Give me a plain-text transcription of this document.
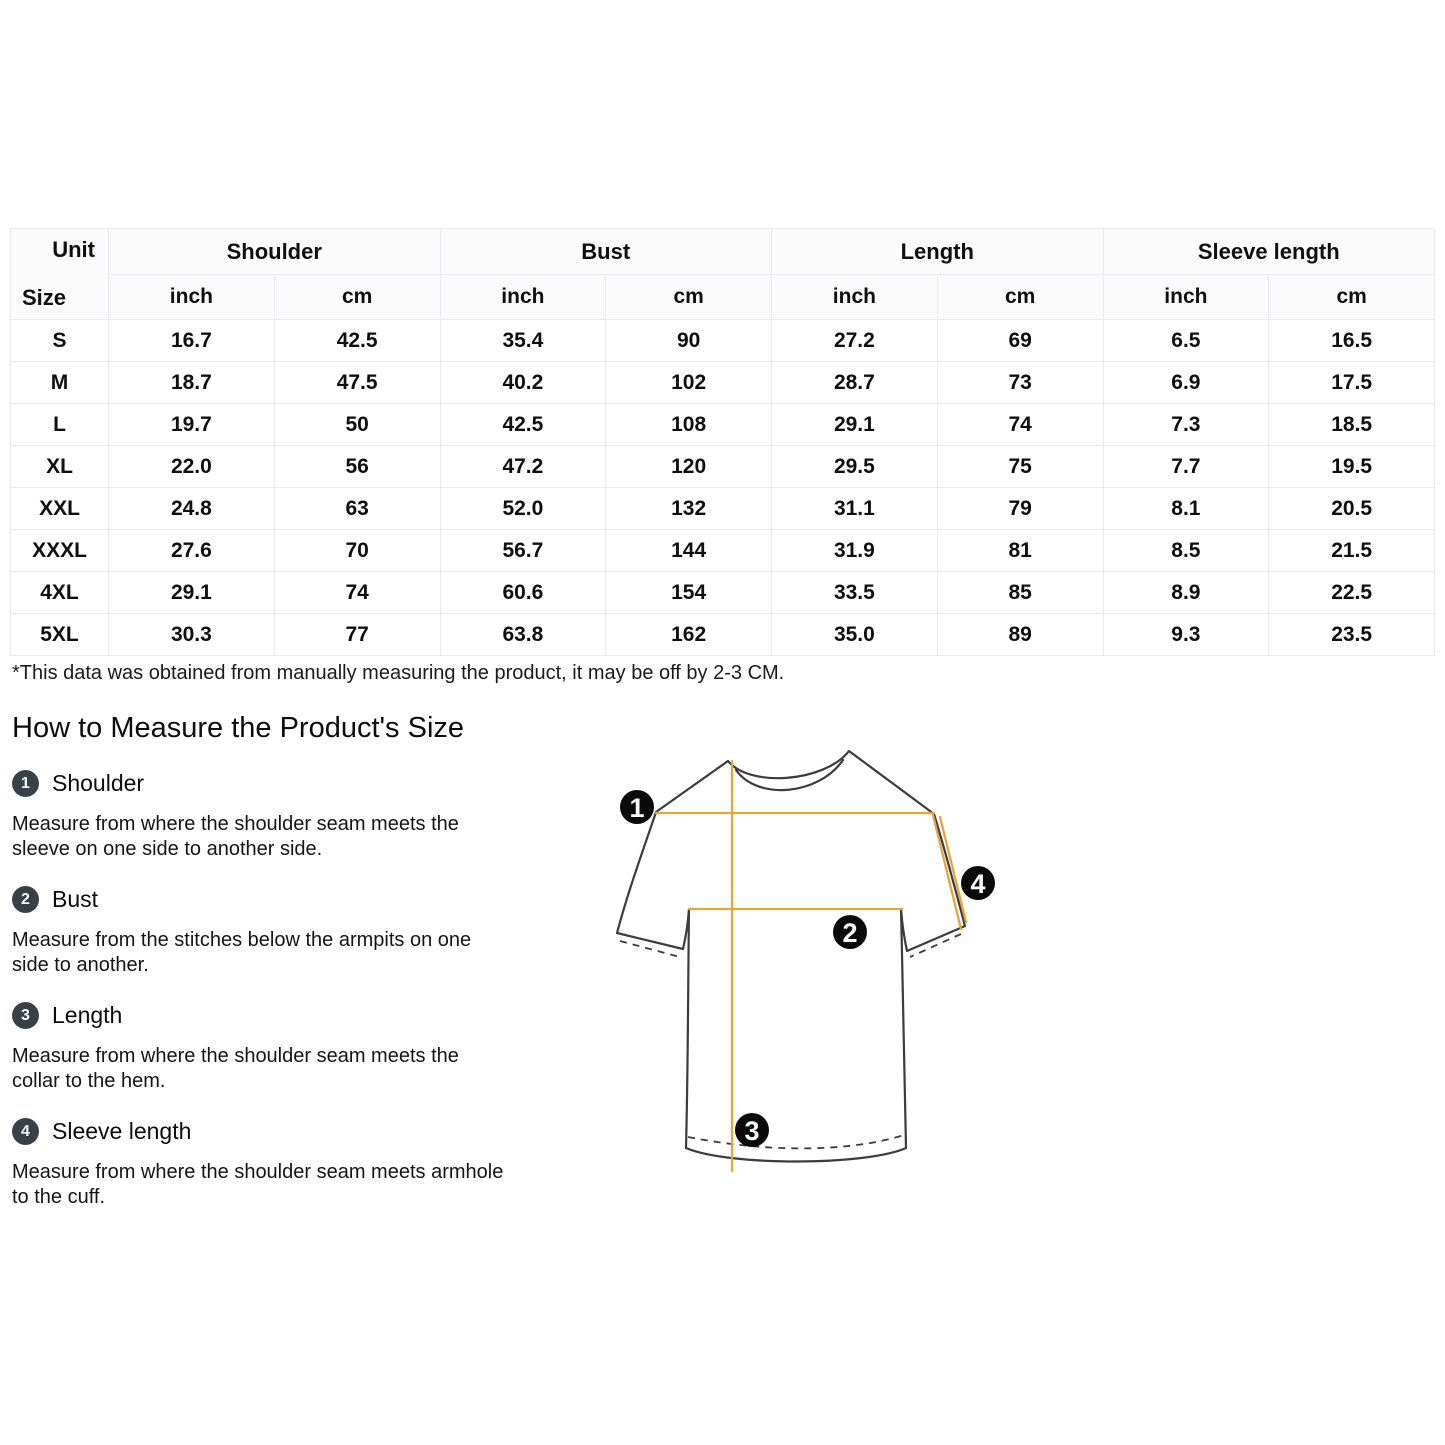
Unit
Size	Shoulder		Bust		Length		Sleeve length	
	inch	cm	inch	cm	inch	cm	inch	cm
S	16.7	42.5	35.4	90	27.2	69	6.5	16.5
M	18.7	47.5	40.2	102	28.7	73	6.9	17.5
L	19.7	50	42.5	108	29.1	74	7.3	18.5
XL	22.0	56	47.2	120	29.5	75	7.7	19.5
XXL	24.8	63	52.0	132	31.1	79	8.1	20.5
XXXL	27.6	70	56.7	144	31.9	81	8.5	21.5
4XL	29.1	74	60.6	154	33.5	85	8.9	22.5
5XL	30.3	77	63.8	162	35.0	89	9.3	23.5
*This data was obtained from manually measuring the product, it may be off by 2-3 CM.
How to Measure the Product's Size
1 Shoulder

Measure from where the shoulder seam meets the sleeve on one side to another side.

2 Bust

Measure from the stitches below the armpits on one side to another.

3 Length

Measure from where the shoulder seam meets the collar to the hem.

4 Sleeve length

Measure from where the shoulder seam meets armhole to the cuff.

1
2
3
4
